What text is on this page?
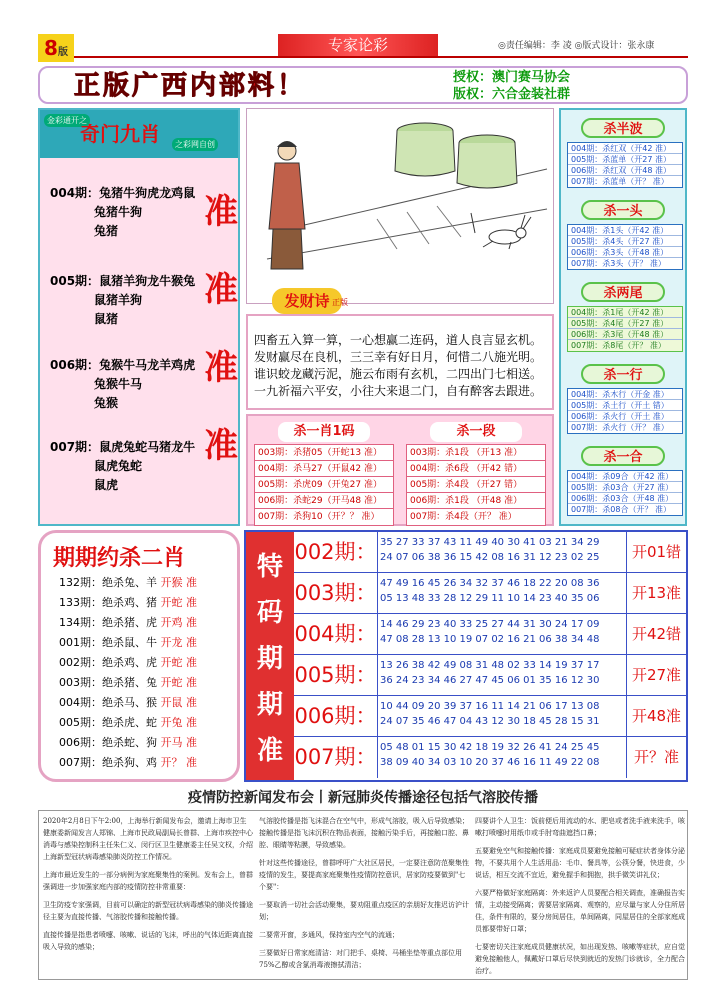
8版	专家论彩	◎责任编辑：李 凌 ◎版式设计：张永康
正版广西内部料！	授权：澳门赛马协会
版权：六合金装社群
金彩通开之
奇门九肖	之彩网自创
004期：兔猪牛狗虎龙鸡鼠
兔猪牛狗
兔猪	准
005期：鼠猪羊狗龙牛猴兔
鼠猪羊狗
鼠猪
准
006期：兔猴牛马龙羊鸡虎
兔猴牛马
兔猴
准
007期：鼠虎兔蛇马猪龙牛
鼠虎兔蛇
鼠虎
准
四畜五入算一算，一心想赢二连码，道人良言显玄机。
发财赢尽在良机，三三幸有好日月，何惜二八施光明。
谁识蛟龙藏污泥，施云布雨有玄机，二四出门七相送。
一九祈福六平安，小往大来退二门，自有醉客去跟进。
发财诗 正版
杀一肖1码
003期：杀猪05（开蛇13 准）
004期：杀马27（开鼠42 准）
005期：杀虎09（开兔27 准）
006期：杀蛇29（开马48 准）
007期：杀狗10（开？？ 准）
杀一段
003期：杀1段 （开13 准）
004期：杀6段 （开42 错）
005期：杀4段 （开27 错）
006期：杀1段 （开48 准）
007期：杀4段（开？ 准）
杀半波
004期：杀红双（开42 准）
005期：杀蓝单（开27 准）
006期：杀红双（开48 准）
007期：杀蓝单（开？ 准）
杀一头
004期：杀1头（开42 准）
005期：杀4头（开27 准）
006期：杀3头（开48 准）
007期：杀3头（开？ 准）
杀两尾
004期：杀1尾（开42 准）
005期：杀4尾（开27 准）
006期：杀3尾（开48 准）
007期：杀8尾（开？ 准）
杀一行
004期：杀木行（开金 准）
005期：杀土行（开土 错）
006期：杀火行（开土 准）
007期：杀火行（开？ 准）
杀一合
004期：杀09合（开42 准）
005期：杀03合（开27 准）
006期：杀03合（开48 准）
007期：杀08合（开？ 准）
期期约杀二肖
132期：绝杀兔、羊 开猴 准
133期：绝杀鸡、猪 开蛇 准
134期：绝杀猪、虎 开鸡 准
001期：绝杀鼠、牛 开龙 准
002期：绝杀鸡、虎 开蛇 准
003期：绝杀猪、兔 开蛇 准
004期：绝杀马、猴 开鼠 准
005期：绝杀虎、蛇 开兔 准
006期：绝杀蛇、狗 开马 准
007期：绝杀狗、鸡 开？ 准
特
码
期
期
准
002期： 35 27 33 37 43 11 49 40 30 41 03 21 34 29
24 07 06 38 36 15 42 08 16 31 12 23 02 25	开01错
003期： 47 49 16 45 26 34 32 37 46 18 22 20 08 36
05 13 48 33 28 12 29 11 10 14 23 40 35 06	开13准
004期： 14 46 29 23 40 33 25 27 44 31 30 24 17 09
47 08 28 13 10 19 07 02 16 21 06 38 34 48	开42错
005期： 13 26 38 42 49 08 31 48 02 33 14 19 37 17
36 24 23 34 46 27 47 45 06 01 35 16 12 30	开27准
006期： 10 44 09 20 39 37 16 11 14 21 06 17 13 08
24 07 35 46 47 04 43 12 30 18 45 28 15 31	开48准
007期： 05 48 01 15 30 42 18 19 32 26 41 24 25 45
38 09 40 34 03 10 20 37 46 16 11 49 22 08	开？准
疫情防控新闻发布会丨新冠肺炎传播途径包括气溶胶传播

2020年2月8日下午2:00，上海举行新闻发布会，邀请上海市卫生健康委新闻发言人郑锦、上海市民政局副局长曾群、上海市疾控中心消毒与感染控制科主任朱仁义、闵行区卫生健康委主任吴文权，介绍上海新型冠状病毒感染肺炎防控工作情况。

上海市最近发生的一部分病例为家庭聚集性的案例。发布会上，曾群强调进一步加强家庭内部的疫情防控非常重要：

卫生防疫专家强调，目前可以确定的新型冠状病毒感染的肺炎传播途径主要为直接传播、气溶胶传播和接触传播。

直接传播是指患者喷嚏、咳嗽、说话的飞沫，呼出的气体近距离直接吸入导致的感染；

气溶胶传播是指飞沫混合在空气中，形成气溶胶，吸入后导致感染；接触传播是指飞沫沉积在物品表面，接触污染手后，再接触口腔、鼻腔、眼睛等粘膜，导致感染。

针对这些传播途径，曾群呼吁广大社区居民，一定要注意防范聚集性疫情的发生，要提高家庭聚集性疫情防控意识，居家防疫要做到"七个要"：

一要取消一切社会活动聚集，要劝阻重点疫区的亲朋好友推迟访沪计划；

二要常开窗，多通风，保持室内空气的流通；

三要做好日常家庭清洁：对门把手、桌椅、马桶坐垫等重点部位用75%乙醇或含氯消毒液擦拭清洁；

四要讲个人卫生：饭前便后用流动的水、肥皂或者洗手液来洗手，咳嗽打喷嚏时用纸巾或手肘弯曲遮挡口鼻；

五要避免空气和接触传播：家庭成员要避免接触可疑症状者身体分泌物，不要共用个人生活用品：毛巾、餐具等，公筷分餐，快进食，少说话，相互交流不宜近，避免握手和拥抱，拱手微笑讲礼仪；

六要严格做好家庭隔离：外来返沪人员要配合相关调查，准确报告实情，主动接受隔离；需要居家隔离、观察的，应尽量与家人分住所居住，条件有限的，要分房间居住，单间隔离，同屋居住的全部家庭成员都要带好口罩；

七要密切关注家庭成员健康状况，如出现发热、咳嗽等症状，应自觉避免接触他人，佩戴好口罩后尽快到就近的发热门诊就诊，全力配合治疗。
